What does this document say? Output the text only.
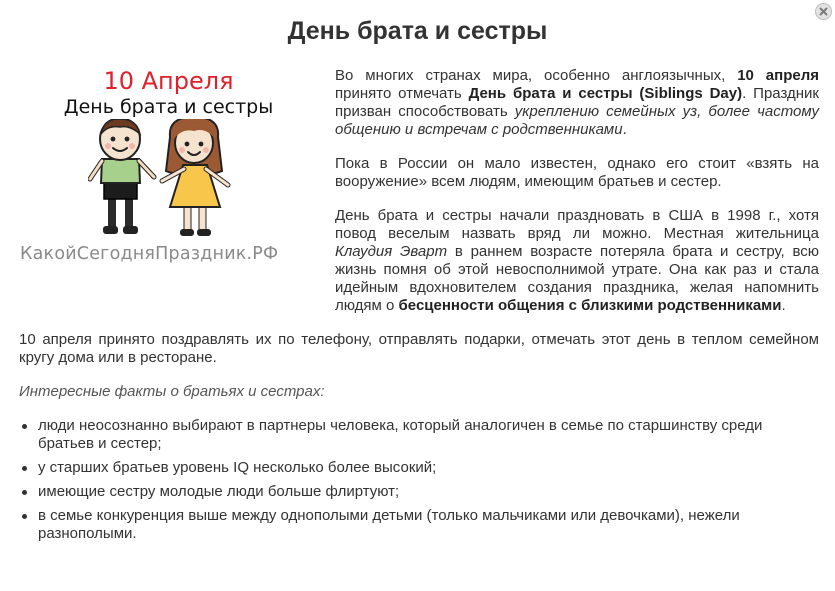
День брата и сестры
10 Апреля
День брата и сестры
КакойСегодняПраздник.РФ

Во многих странах мира, особенно англоязычных, 10 апреля принято отмечать День брата и сестры (Siblings Day). Праздник призван способствовать укреплению семейных уз, более частому общению и встречам с родственниками.

Пока в России он мало известен, однако его стоит «взять на вооружение» всем людям, имеющим братьев и сестер.

День брата и сестры начали праздновать в США в 1998 г., хотя повод веселым назвать вряд ли можно. Местная жительница Клаудия Эварт в раннем возрасте потеряла брата и сестру, всю жизнь помня об этой невосполнимой утрате. Она как раз и стала идейным вдохновителем создания праздника, желая напомнить людям о бесценности общения с близкими родственниками.

10 апреля принято поздравлять их по телефону, отправлять подарки, отмечать этот день в теплом семейном кругу дома или в ресторане.

Интересные факты о братьях и сестрах:

люди неосознанно выбирают в партнеры человека, который аналогичен в семье по старшинству среди братьев и сестер;
у старших братьев уровень IQ несколько более высокий;
имеющие сестру молодые люди больше флиртуют;
в семье конкуренция выше между однополыми детьми (только мальчиками или девочками), нежели разнополыми.
